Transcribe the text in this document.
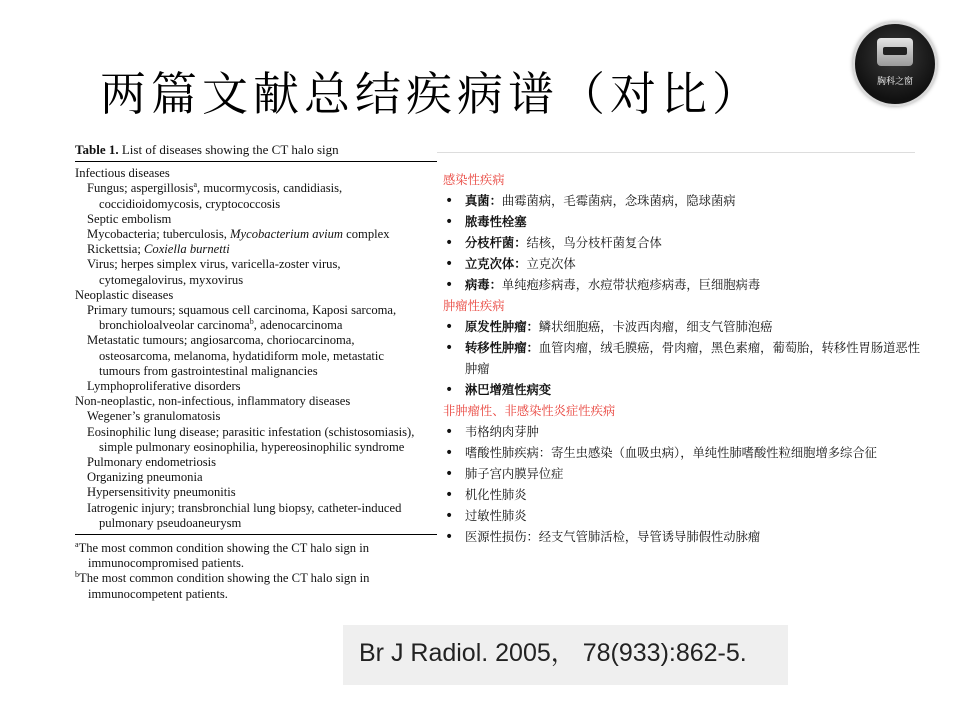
两篇文献总结疾病谱（对比）	胸科之窗
Table 1. List of diseases showing the CT halo sign
Infectious diseases
Fungus; aspergillosis$^a$, mucormycosis, candidiasis,
coccidioidomycosis, cryptococcosis
Septic embolism
Mycobacteria; tuberculosis, Mycobacterium avium complex
Rickettsia; Coxiella burnetti
Virus; herpes simplex virus, varicella-zoster virus,
cytomegalovirus, myxovirus
Neoplastic diseases
Primary tumours; squamous cell carcinoma, Kaposi sarcoma,
bronchioloalveolar carcinoma$^b$, adenocarcinoma
Metastatic tumours; angiosarcoma, choriocarcinoma,
osteosarcoma, melanoma, hydatidiform mole, metastatic
tumours from gastrointestinal malignancies
Lymphoproliferative disorders
Non-neoplastic, non-infectious, inflammatory diseases
Wegener’s granulomatosis
Eosinophilic lung disease; parasitic infestation (schistosomiasis),
simple pulmonary eosinophilia, hypereosinophilic syndrome
Pulmonary endometriosis
Organizing pneumonia
Hypersensitivity pneumonitis
Iatrogenic injury; transbronchial lung biopsy, catheter-induced
pulmonary pseudoaneurysm
$^a$The most common condition showing the CT halo sign in
immunocompromised patients.
$^b$The most common condition showing the CT halo sign in
immunocompetent patients.
感染性疾病
• 真菌：曲霉菌病，毛霉菌病，念珠菌病，隐球菌病
• 脓毒性栓塞
• 分枝杆菌：结核，鸟分枝杆菌复合体
• 立克次体：立克次体
• 病毒：单纯疱疹病毒，水痘带状疱疹病毒，巨细胞病毒
肿瘤性疾病
• 原发性肿瘤：鳞状细胞癌，卡波西肉瘤，细支气管肺泡癌
• 转移性肿瘤：血管肉瘤，绒毛膜癌，骨肉瘤，黑色素瘤，葡萄胎，转移性胃肠道恶性
肿瘤
• 淋巴增殖性病变
非肿瘤性、非感染性炎症性疾病
• 韦格纳肉芽肿
• 嗜酸性肺疾病：寄生虫感染（血吸虫病），单纯性肺嗜酸性粒细胞增多综合征
• 肺子宫内膜异位症
• 机化性肺炎
• 过敏性肺炎
• 医源性损伤：经支气管肺活检，导管诱导肺假性动脉瘤
Br J Radiol. 2005， 78(933):862-5.
